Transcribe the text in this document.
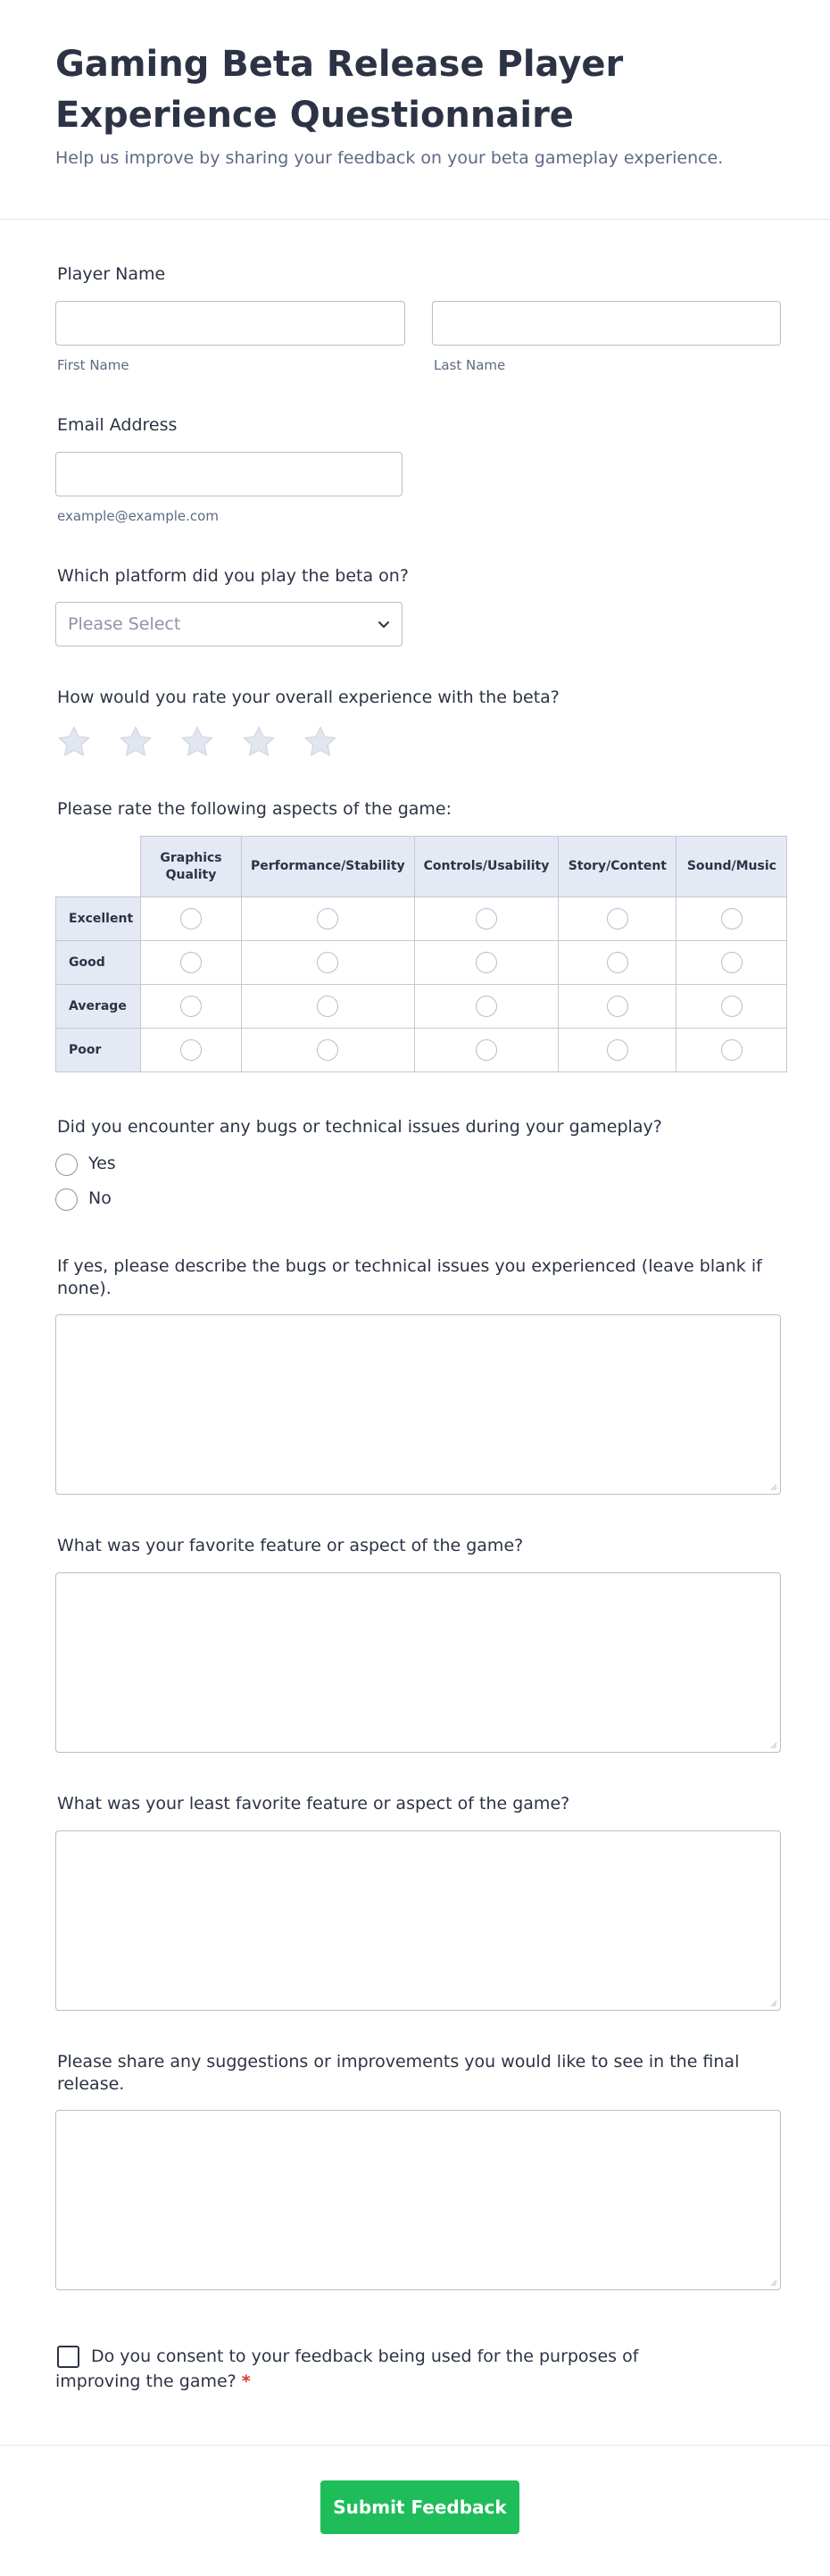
Gaming Beta Release Player Experience Questionnaire

Help us improve by sharing your feedback on your beta gameplay experience.

Player Name
First Name	Last Name
Email Address
example@example.com
Which platform did you play the beta on?
Please Select
How would you rate your overall experience with the beta?
Please rate the following aspects of the game:
	Graphics Quality	Performance/Stability	Controls/Usability	Story/Content	Sound/Music
Excellent					
Good					
Average					
Poor					
Did you encounter any bugs or technical issues during your gameplay?
Yes
No
If yes, please describe the bugs or technical issues you experienced (leave blank if none).
What was your favorite feature or aspect of the game?
What was your least favorite feature or aspect of the game?
Please share any suggestions or improvements you would like to see in the final release.

Do you consent to your feedback being used for the purposes of improving the game? *

Submit Feedback
